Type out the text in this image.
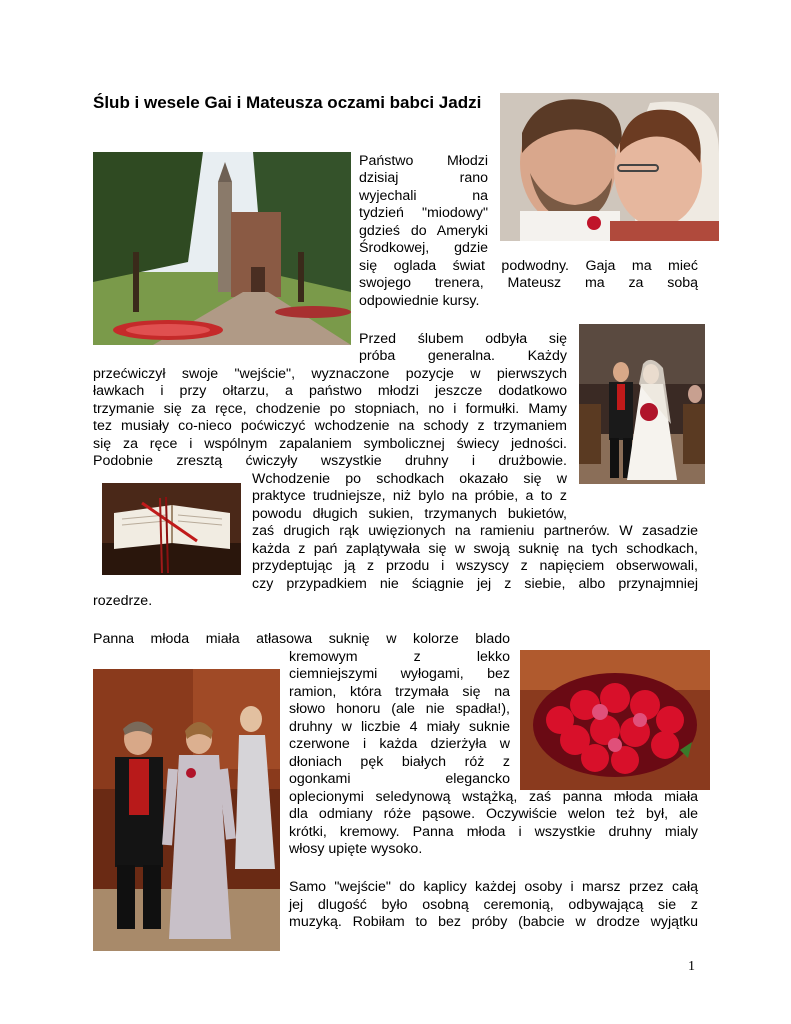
Ślub i wesele Gai i Mateusza oczami babci Jadzi
Państwo Młodzi
dzisiaj rano
wyjechali na
tydzień "miodowy"
gdzieś do Ameryki
Środkowej, gdzie
się oglada świat podwodny. Gaja ma mieć
swojego trenera, Mateusz ma za sobą
odpowiednie kursy.
Przed ślubem odbyła się
próba generalna. Każdy
przećwiczył swoje "wejście", wyznaczone pozycje w pierwszych
ławkach i przy ołtarzu, a państwo młodzi jeszcze dodatkowo
trzymanie się za ręce, chodzenie po stopniach, no i formułki. Mamy
tez musiały co-nieco poćwiczyć wchodzenie na schody z trzymaniem
się za ręce i wspólnym zapalaniem symbolicznej świecy jedności.
Podobnie zresztą ćwiczyły wszystkie druhny i drużbowie.
Wchodzenie po schodkach okazało się w
praktyce trudniejsze, niż bylo na próbie, a to z
powodu długich sukien, trzymanych bukietów,
zaś drugich rąk uwięzionych na ramieniu partnerów. W zasadzie
każda z pań zaplątywała się w swoją suknię na tych schodkach,
przydeptując ją z przodu i wszyscy z napięciem obserwowali,
czy przypadkiem nie ściągnie jej z siebie, albo przynajmniej
rozedrze.
Panna młoda miała atłasowa suknię w kolorze blado
kremowym z lekko
ciemniejszymi wyłogami, bez
ramion, która trzymała się na
słowo honoru (ale nie spadła!),
druhny w liczbie 4 miały suknie
czerwone i każda dzierżyła w
dłoniach pęk białych róż z
ogonkami elegancko
oplecionymi seledynową wstążką, zaś panna młoda miała
dla odmiany róże pąsowe. Oczywiście welon też był, ale
krótki, kremowy. Panna młoda i wszystkie druhny mialy
włosy upięte wysoko.
Samo "wejście" do kaplicy każdej osoby i marsz przez całą
jej dlugość było osobną ceremonią, odbywającą sie z
muzyką. Robiłam to bez próby (babcie w drodze wyjątku
1
